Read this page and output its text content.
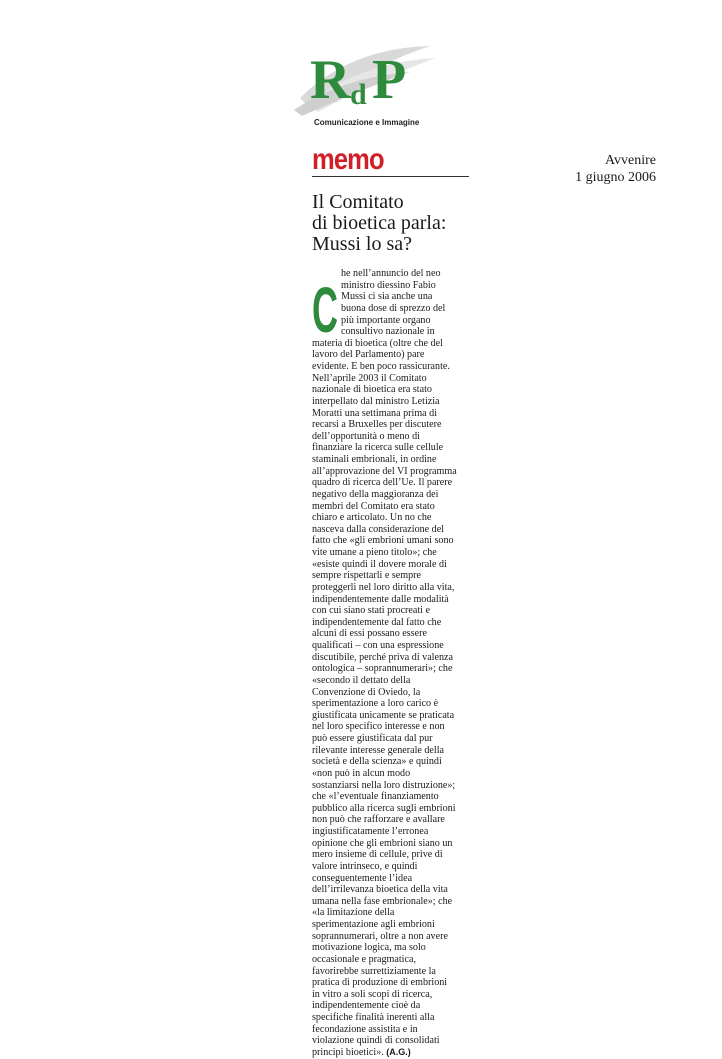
R d P
Comunicazione e Immagine
memo	Avvenire
1 giugno 2006
Il Comitato
di bioetica parla:
Mussi lo sa?
C
he nell’annuncio del neo
ministro diessino Fabio
Mussi ci sia anche una
buona dose di sprezzo del
più importante organo
consultivo nazionale in
materia di bioetica (oltre che del
lavoro del Parlamento) pare
evidente. E ben poco rassicurante.
Nell’aprile 2003 il Comitato
nazionale di bioetica era stato
interpellato dal ministro Letizia
Moratti una settimana prima di
recarsi a Bruxelles per discutere
dell’opportunità o meno di
finanziare la ricerca sulle cellule
staminali embrionali, in ordine
all’approvazione del VI programma
quadro di ricerca dell’Ue. Il parere
negativo della maggioranza dei
membri del Comitato era stato
chiaro e articolato. Un no che
nasceva dalla considerazione del
fatto che «gli embrioni umani sono
vite umane a pieno titolo»; che
«esiste quindi il dovere morale di
sempre rispettarli e sempre
proteggerli nel loro diritto alla vita,
indipendentemente dalle modalità
con cui siano stati procreati e
indipendentemente dal fatto che
alcuni di essi possano essere
qualificati – con una espressione
discutibile, perché priva di valenza
ontologica – soprannumerari»; che
«secondo il dettato della
Convenzione di Oviedo, la
sperimentazione a loro carico è
giustificata unicamente se praticata
nel loro specifico interesse e non
può essere giustificata dal pur
rilevante interesse generale della
società e della scienza» e quindi
«non può in alcun modo
sostanziarsi nella loro distruzione»;
che «l’eventuale finanziamento
pubblico alla ricerca sugli embrioni
non può che rafforzare e avallare
ingiustificatamente l’erronea
opinione che gli embrioni siano un
mero insieme di cellule, prive di
valore intrinseco, e quindi
conseguentemente l’idea
dell’irrilevanza bioetica della vita
umana nella fase embrionale»; che
«la limitazione della
sperimentazione agli embrioni
soprannumerari, oltre a non avere
motivazione logica, ma solo
occasionale e pragmatica,
favorirebbe surrettiziamente la
pratica di produzione di embrioni
in vitro a soli scopi di ricerca,
indipendentemente cioè da
specifiche finalità inerenti alla
fecondazione assistita e in
violazione quindi di consolidati
principi bioetici». (A.G.)
